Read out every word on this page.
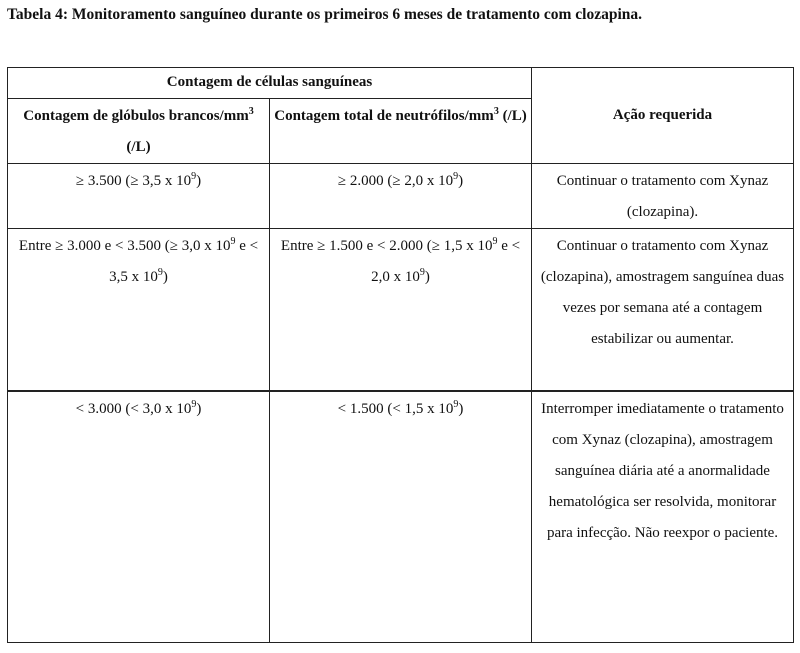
Tabela 4: Monitoramento sanguíneo durante os primeiros 6 meses de tratamento com clozapina.
Contagem de células sanguíneas		Ação requerida
Contagem de glóbulos brancos/$mm^3$ (/L)	Contagem total de neutrófilos/$mm^3$ (/L)	
≥ 3.500 (≥ 3,5 x $10^9$)	≥ 2.000 (≥ 2,0 x $10^9$)	Continuar o tratamento com Xynaz (clozapina).
Entre ≥ 3.000 e < 3.500 (≥ 3,0 x $10^9$ e < 3,5 x $10^9$)	Entre ≥ 1.500 e < 2.000 (≥ 1,5 x $10^9$ e < 2,0 x $10^9$)	Continuar o tratamento com Xynaz (clozapina), amostragem sanguínea duas vezes por semana até a contagem estabilizar ou aumentar.
< 3.000 (< 3,0 x $10^9$)	< 1.500 (< 1,5 x $10^9$)	Interromper imediatamente o tratamento com Xynaz (clozapina), amostragem sanguínea diária até a anormalidade hematológica ser resolvida, monitorar para infecção. Não reexpor o paciente.
